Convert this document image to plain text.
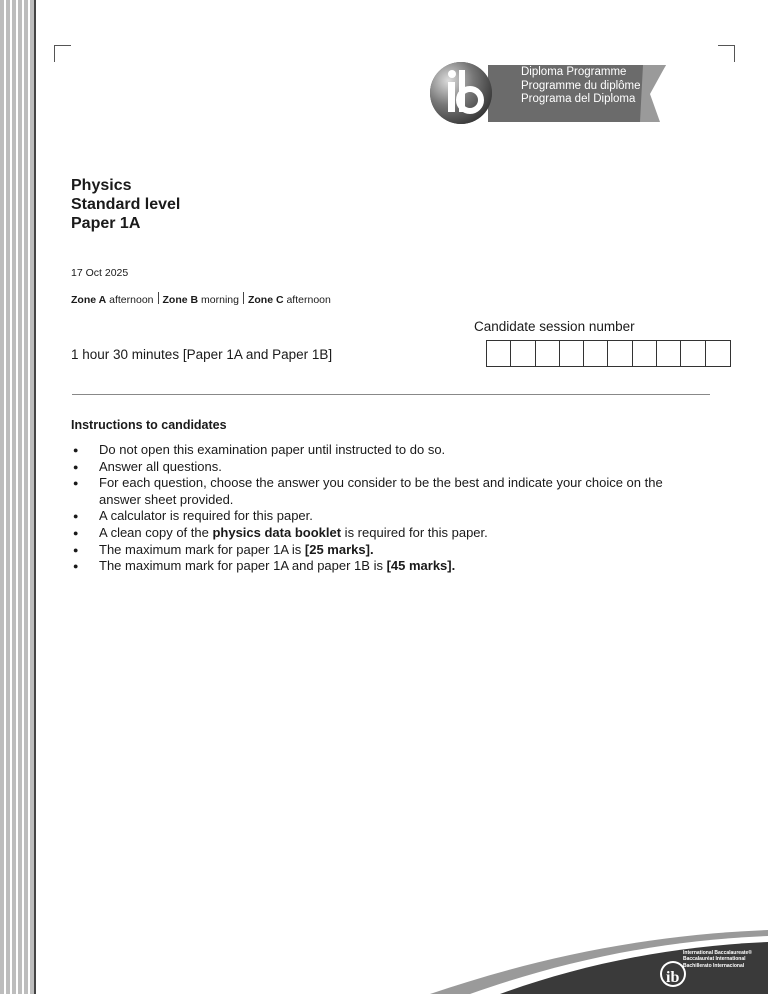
Diploma Programme
Programme du diplôme
Programa del Diploma
Physics
Standard level
Paper 1A
17 Oct 2025
Zone A afternoon Zone B morning Zone C afternoon
1 hour 30 minutes [Paper 1A and Paper 1B]
Candidate session number
Instructions to candidates
● Do not open this examination paper until instructed to do so.
● Answer all questions.
● For each question, choose the answer you consider to be the best and indicate your choice on the answer sheet provided.
● A calculator is required for this paper.
● A clean copy of the physics data booklet is required for this paper.
● The maximum mark for paper 1A is [25 marks].
● The maximum mark for paper 1A and paper 1B is [45 marks].
ib
International Baccalaureate®
Baccalauréat International
Bachillerato Internacional
